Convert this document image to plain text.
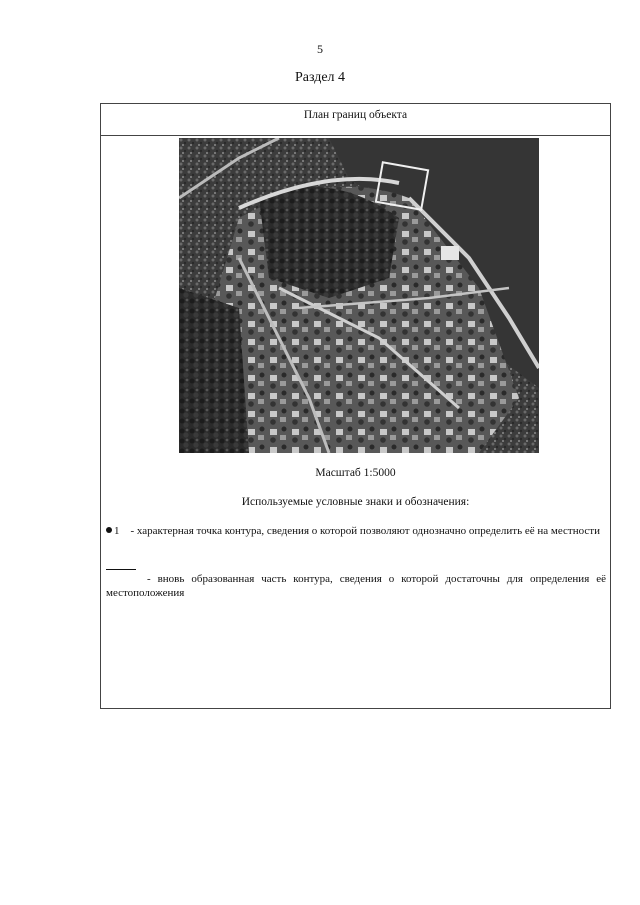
5
Раздел 4
План границ объекта
Масштаб 1:5000
Используемые условные знаки и обозначения:
1    - характерная точка контура, сведения о которой позволяют однозначно определить её на местности
- вновь образованная часть контура, сведения о которой достаточны для определения её местоположения
